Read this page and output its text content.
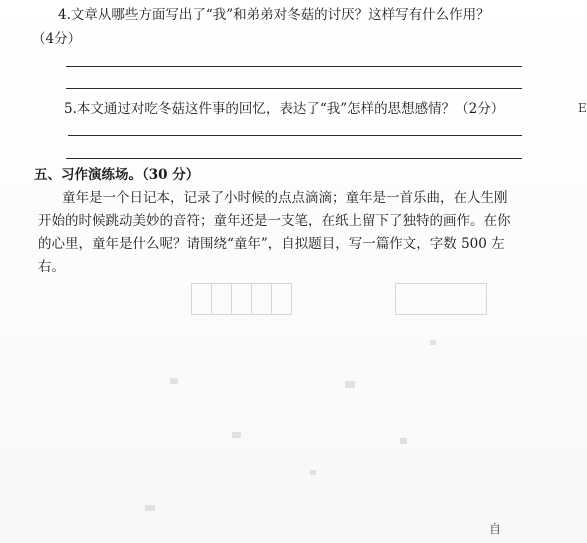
4.文章从哪些方面写出了“我”和弟弟对冬菇的讨厌？这样写有什么作用？
（4分）
5.本文通过对吃冬菇这件事的回忆，表达了“我”怎样的思想感情？（2分）
五、习作演练场。（30 分）
童年是一个日记本，记录了小时候的点点滴滴；童年是一首乐曲，在人生刚
开始的时候跳动美妙的音符；童年还是一支笔，在纸上留下了独特的画作。在你
的心里，童年是什么呢？请围绕“童年”，自拟题目，写一篇作文，字数 500 左
右。
E
自
